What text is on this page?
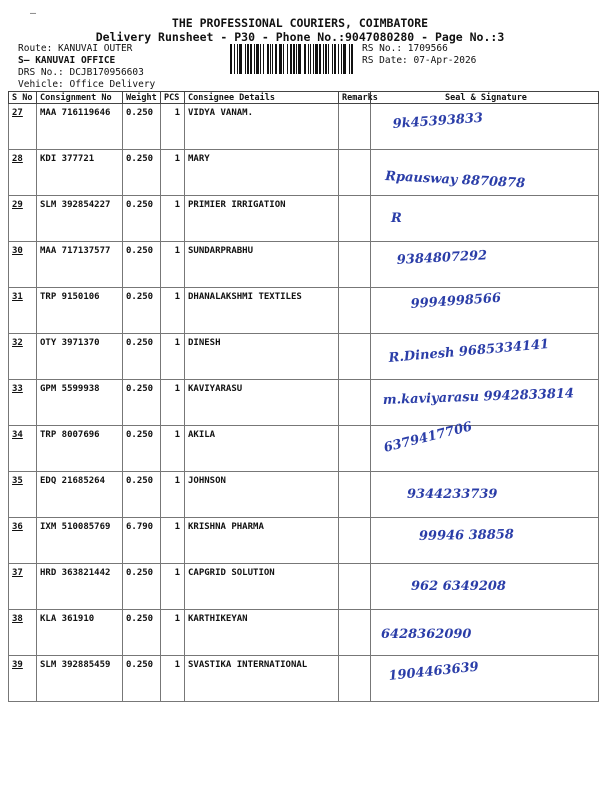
—
THE PROFESSIONAL COURIERS, COIMBATORE
Delivery Runsheet - P30 - Phone No.:9047080280 - Page No.:3
Route: KANUVAI OUTER
S— KANUVAI OFFICE
DRS No.: DCJB170956603
Vehicle: Office Delivery
RS No.: 1709566
RS Date: 07-Apr-2026
S No	Consignment No	Weight	PCS	Consignee Details	Remarks	Seal & Signature
27	MAA 716119646	0.250	1	VIDYA VANAM.		9k45393833

28	KDI 377721	0.250	1	MARY		Rpausway 8870878

29	SLM 392854227	0.250	1	PRIMIER IRRIGATION		R

30	MAA 717137577	0.250	1	SUNDARPRABHU		9384807292

31	TRP 9150106	0.250	1	DHANALAKSHMI TEXTILES		9994998566

32	OTY 3971370	0.250	1	DINESH		R.Dinesh 9685334141

33	GPM 5599938	0.250	1	KAVIYARASU		m.kaviyarasu 9942833814

34	TRP 8007696	0.250	1	AKILA		6379417706

35	EDQ 21685264	0.250	1	JOHNSON		9344233739

36	IXM 510085769	6.790	1	KRISHNA PHARMA		99946 38858

37	HRD 363821442	0.250	1	CAPGRID SOLUTION		962 6349208

38	KLA 361910	0.250	1	KARTHIKEYAN		6428362090

39	SLM 392885459	0.250	1	SVASTIKA INTERNATIONAL		1904463639
